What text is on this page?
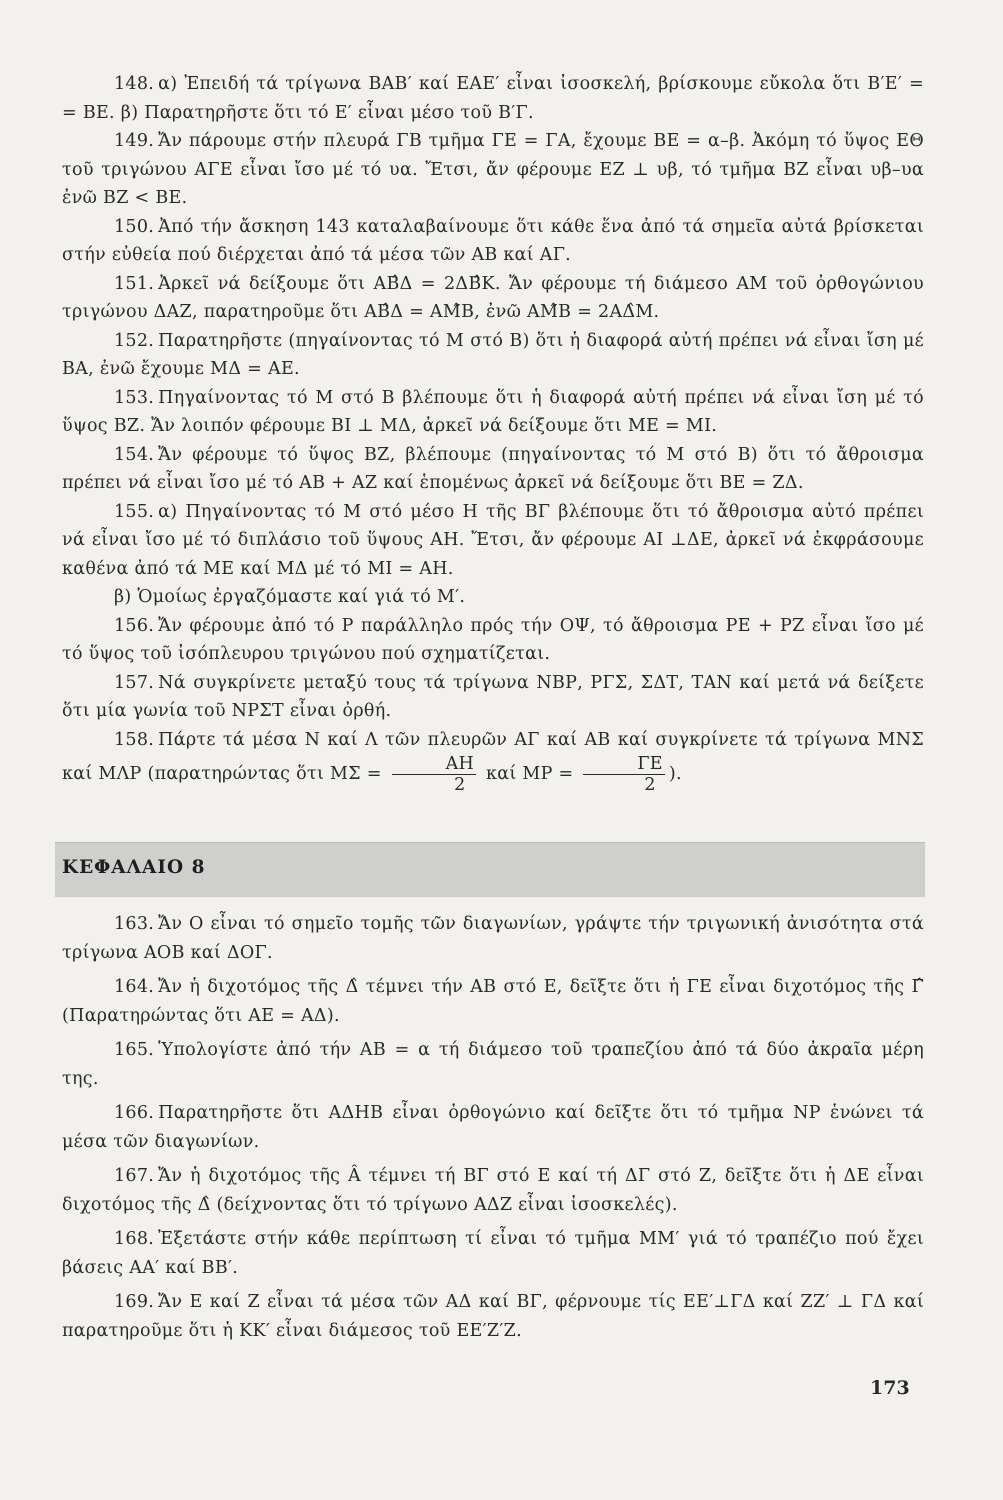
148. α) Ἐπειδή τά τρίγωνα ΒΑΒ′ καί ΕΑΕ′ εἶναι ἰσοσκελή, βρίσκουμε εὔκολα ὅτι Β′Ε′ = = ΒΕ. β) Παρατηρῆστε ὅτι τό Ε′ εἶναι μέσο τοῦ Β′Γ.

149. Ἄν πάρουμε στήν πλευρά ΓΒ τμῆμα ΓΕ = ΓΑ, ἔχουμε ΒΕ = α–β. Ἀκόμη τό ὕψος ΕΘ τοῦ τριγώνου ΑΓΕ εἶναι ἴσο μέ τό υα. Ἔτσι, ἄν φέρουμε ΕΖ ⊥ υβ, τό τμῆμα ΒΖ εἶναι υβ–υα ἐνῶ ΒΖ < ΒΕ.

150. Ἀπό τήν ἄσκηση 143 καταλαβαίνουμε ὅτι κάθε ἕνα ἀπό τά σημεῖα αὐτά βρίσκεται στήν εὐθεία πού διέρχεται ἀπό τά μέσα τῶν ΑΒ καί ΑΓ.

151. Ἀρκεῖ νά δείξουμε ὅτι ΑΒ̂Δ = 2ΔΒ̂Κ. Ἄν φέρουμε τή διάμεσο ΑΜ τοῦ ὀρθογώνιου τριγώνου ΔΑΖ, παρατηροῦμε ὅτι ΑΒ̂Δ = ΑΜ̂Β, ἐνῶ ΑΜ̂Β = 2ΑΔ̂Μ.

152. Παρατηρῆστε (πηγαίνοντας τό Μ στό Β) ὅτι ἡ διαφορά αὐτή πρέπει νά εἶναι ἴση μέ ΒΑ, ἐνῶ ἔχουμε ΜΔ = ΑΕ.

153. Πηγαίνοντας τό Μ στό Β βλέπουμε ὅτι ἡ διαφορά αὐτή πρέπει νά εἶναι ἴση μέ τό ὕψος ΒΖ. Ἄν λοιπόν φέρουμε ΒΙ ⊥ ΜΔ, ἀρκεῖ νά δείξουμε ὅτι ΜΕ = ΜΙ.

154. Ἄν φέρουμε τό ὕψος ΒΖ, βλέπουμε (πηγαίνοντας τό Μ στό Β) ὅτι τό ἄθροισμα πρέπει νά εἶναι ἴσο μέ τό ΑΒ + ΑΖ καί ἑπομένως ἀρκεῖ νά δείξουμε ὅτι ΒΕ = ΖΔ.

155. α) Πηγαίνοντας τό Μ στό μέσο Η τῆς ΒΓ βλέπουμε ὅτι τό ἄθροισμα αὐτό πρέπει νά εἶναι ἴσο μέ τό διπλάσιο τοῦ ὕψους ΑΗ. Ἔτσι, ἄν φέρουμε ΑΙ ⊥ΔΕ, ἀρκεῖ νά ἐκφράσουμε καθένα ἀπό τά ΜΕ καί ΜΔ μέ τό ΜΙ = ΑΗ.

β) Ὁμοίως ἐργαζόμαστε καί γιά τό Μ′.

156. Ἄν φέρουμε ἀπό τό Ρ παράλληλο πρός τήν ΟΨ, τό ἄθροισμα ΡΕ + ΡΖ εἶναι ἴσο μέ τό ὕψος τοῦ ἰσόπλευρου τριγώνου πού σχηματίζεται.

157. Νά συγκρίνετε μεταξύ τους τά τρίγωνα ΝΒΡ, ΡΓΣ, ΣΔΤ, ΤΑΝ καί μετά νά δείξετε ὅτι μία γωνία τοῦ ΝΡΣΤ εἶναι ὀρθή.

158. Πάρτε τά μέσα Ν καί Λ τῶν πλευρῶν ΑΓ καί ΑΒ καί συγκρίνετε τά τρίγωνα ΜΝΣ καί ΜΛΡ (παρατηρώντας ὅτι $M\Sigma = \frac{AH}{2}$ καί $MP = \frac{\Gamma E}{2}$ ).

ΚΕΦΑΛΑΙΟ 8

163. Ἄν Ο εἶναι τό σημεῖο τομῆς τῶν διαγωνίων, γράψτε τήν τριγωνική ἀνισότητα στά τρίγωνα ΑΟΒ καί ΔΟΓ.

164. Ἄν ἡ διχοτόμος τῆς Δ̂ τέμνει τήν ΑΒ στό Ε, δεῖξτε ὅτι ἡ ΓΕ εἶναι διχοτόμος τῆς Γ̂ (Παρατηρώντας ὅτι ΑΕ = ΑΔ).

165. Ὑπολογίστε ἀπό τήν ΑΒ = α τή διάμεσο τοῦ τραπεζίου ἀπό τά δύο ἀκραῖα μέρη της.

166. Παρατηρῆστε ὅτι ΑΔΗΒ εἶναι ὀρθογώνιο καί δεῖξτε ὅτι τό τμῆμα ΝΡ ἑνώνει τά μέσα τῶν διαγωνίων.

167. Ἄν ἡ διχοτόμος τῆς Â τέμνει τή ΒΓ στό Ε καί τή ΔΓ στό Ζ, δεῖξτε ὅτι ἡ ΔΕ εἶναι διχοτόμος τῆς Δ̂ (δείχνοντας ὅτι τό τρίγωνο ΑΔΖ εἶναι ἰσοσκελές).

168. Ἐξετάστε στήν κάθε περίπτωση τί εἶναι τό τμῆμα ΜΜ′ γιά τό τραπέζιο πού ἔχει βάσεις ΑΑ′ καί ΒΒ′.

169. Ἄν Ε καί Ζ εἶναι τά μέσα τῶν ΑΔ καί ΒΓ, φέρνουμε τίς ΕΕ′⊥ΓΔ καί ΖΖ′ ⊥ ΓΔ καί παρατηροῦμε ὅτι ἡ ΚΚ′ εἶναι διάμεσος τοῦ ΕΕ′Ζ′Ζ.

173
